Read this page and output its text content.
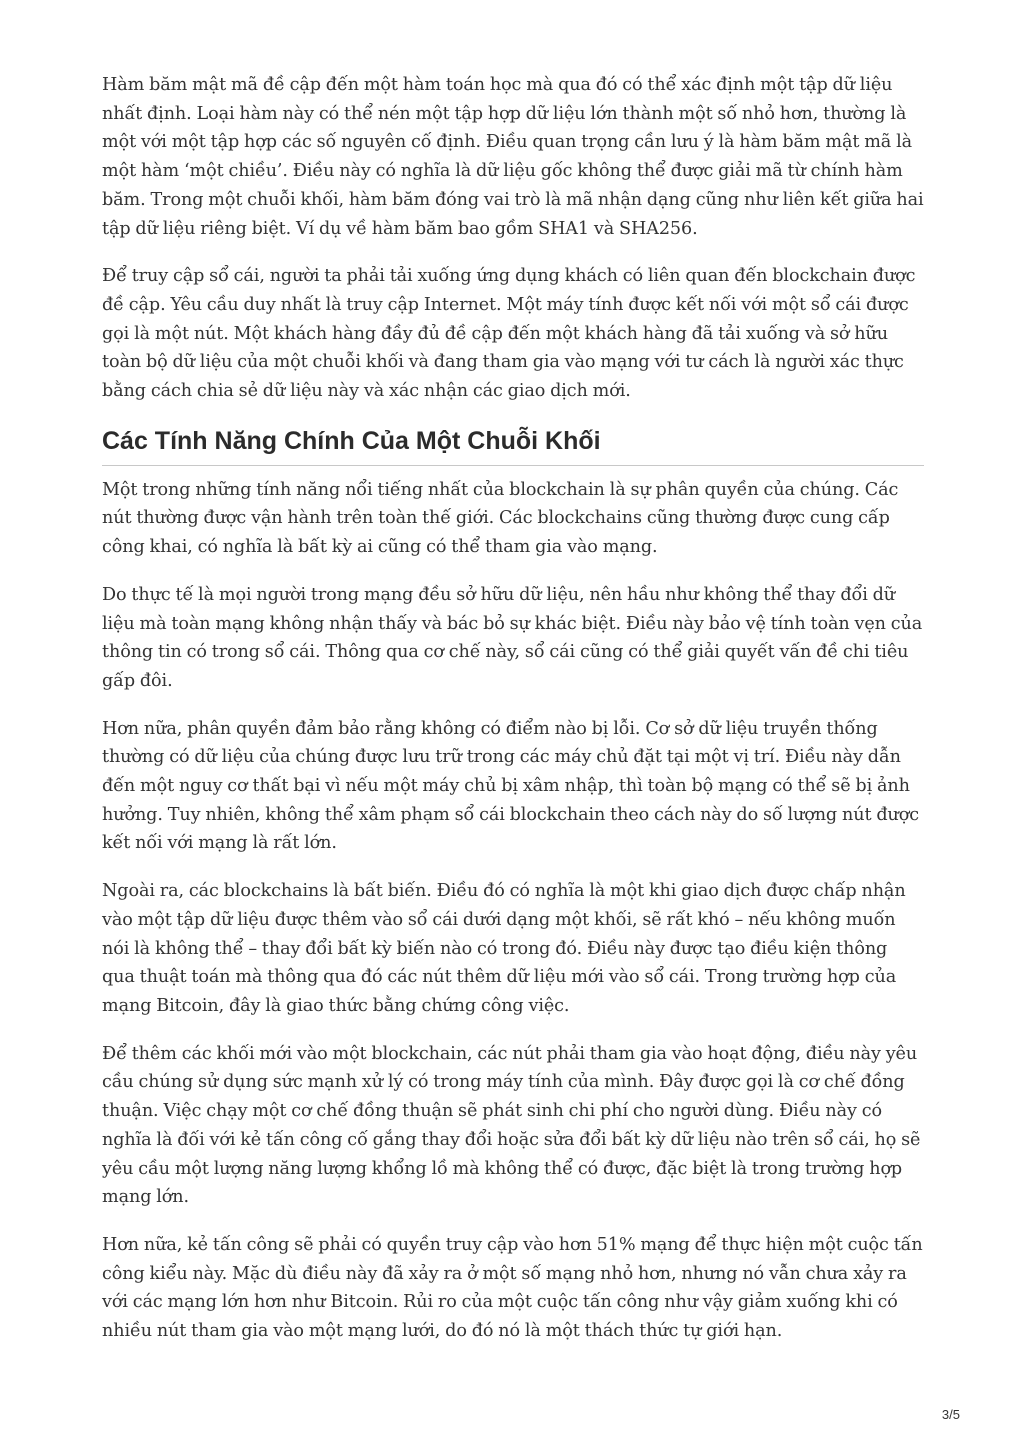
Hàm băm mật mã đề cập đến một hàm toán học mà qua đó có thể xác định một tập dữ liệu nhất định. Loại hàm này có thể nén một tập hợp dữ liệu lớn thành một số nhỏ hơn, thường là một với một tập hợp các số nguyên cố định. Điều quan trọng cần lưu ý là hàm băm mật mã là một hàm ‘một chiều’. Điều này có nghĩa là dữ liệu gốc không thể được giải mã từ chính hàm băm. Trong một chuỗi khối, hàm băm đóng vai trò là mã nhận dạng cũng như liên kết giữa hai tập dữ liệu riêng biệt. Ví dụ về hàm băm bao gồm SHA1 và SHA256.

Để truy cập sổ cái, người ta phải tải xuống ứng dụng khách có liên quan đến blockchain được đề cập. Yêu cầu duy nhất là truy cập Internet. Một máy tính được kết nối với một sổ cái được gọi là một nút. Một khách hàng đầy đủ đề cập đến một khách hàng đã tải xuống và sở hữu toàn bộ dữ liệu của một chuỗi khối và đang tham gia vào mạng với tư cách là người xác thực bằng cách chia sẻ dữ liệu này và xác nhận các giao dịch mới.

Các Tính Năng Chính Của Một Chuỗi Khối

Một trong những tính năng nổi tiếng nhất của blockchain là sự phân quyền của chúng. Các nút thường được vận hành trên toàn thế giới. Các blockchains cũng thường được cung cấp công khai, có nghĩa là bất kỳ ai cũng có thể tham gia vào mạng.

Do thực tế là mọi người trong mạng đều sở hữu dữ liệu, nên hầu như không thể thay đổi dữ liệu mà toàn mạng không nhận thấy và bác bỏ sự khác biệt. Điều này bảo vệ tính toàn vẹn của thông tin có trong sổ cái. Thông qua cơ chế này, sổ cái cũng có thể giải quyết vấn đề chi tiêu gấp đôi.

Hơn nữa, phân quyền đảm bảo rằng không có điểm nào bị lỗi. Cơ sở dữ liệu truyền thống thường có dữ liệu của chúng được lưu trữ trong các máy chủ đặt tại một vị trí. Điều này dẫn đến một nguy cơ thất bại vì nếu một máy chủ bị xâm nhập, thì toàn bộ mạng có thể sẽ bị ảnh hưởng. Tuy nhiên, không thể xâm phạm sổ cái blockchain theo cách này do số lượng nút được kết nối với mạng là rất lớn.

Ngoài ra, các blockchains là bất biến. Điều đó có nghĩa là một khi giao dịch được chấp nhận vào một tập dữ liệu được thêm vào sổ cái dưới dạng một khối, sẽ rất khó – nếu không muốn nói là không thể – thay đổi bất kỳ biến nào có trong đó. Điều này được tạo điều kiện thông qua thuật toán mà thông qua đó các nút thêm dữ liệu mới vào sổ cái. Trong trường hợp của mạng Bitcoin, đây là giao thức bằng chứng công việc.

Để thêm các khối mới vào một blockchain, các nút phải tham gia vào hoạt động, điều này yêu cầu chúng sử dụng sức mạnh xử lý có trong máy tính của mình. Đây được gọi là cơ chế đồng thuận. Việc chạy một cơ chế đồng thuận sẽ phát sinh chi phí cho người dùng. Điều này có nghĩa là đối với kẻ tấn công cố gắng thay đổi hoặc sửa đổi bất kỳ dữ liệu nào trên sổ cái, họ sẽ yêu cầu một lượng năng lượng khổng lồ mà không thể có được, đặc biệt là trong trường hợp mạng lớn.

Hơn nữa, kẻ tấn công sẽ phải có quyền truy cập vào hơn 51% mạng để thực hiện một cuộc tấn công kiểu này. Mặc dù điều này đã xảy ra ở một số mạng nhỏ hơn, nhưng nó vẫn chưa xảy ra với các mạng lớn hơn như Bitcoin. Rủi ro của một cuộc tấn công như vậy giảm xuống khi có nhiều nút tham gia vào một mạng lưới, do đó nó là một thách thức tự giới hạn.

3/5
